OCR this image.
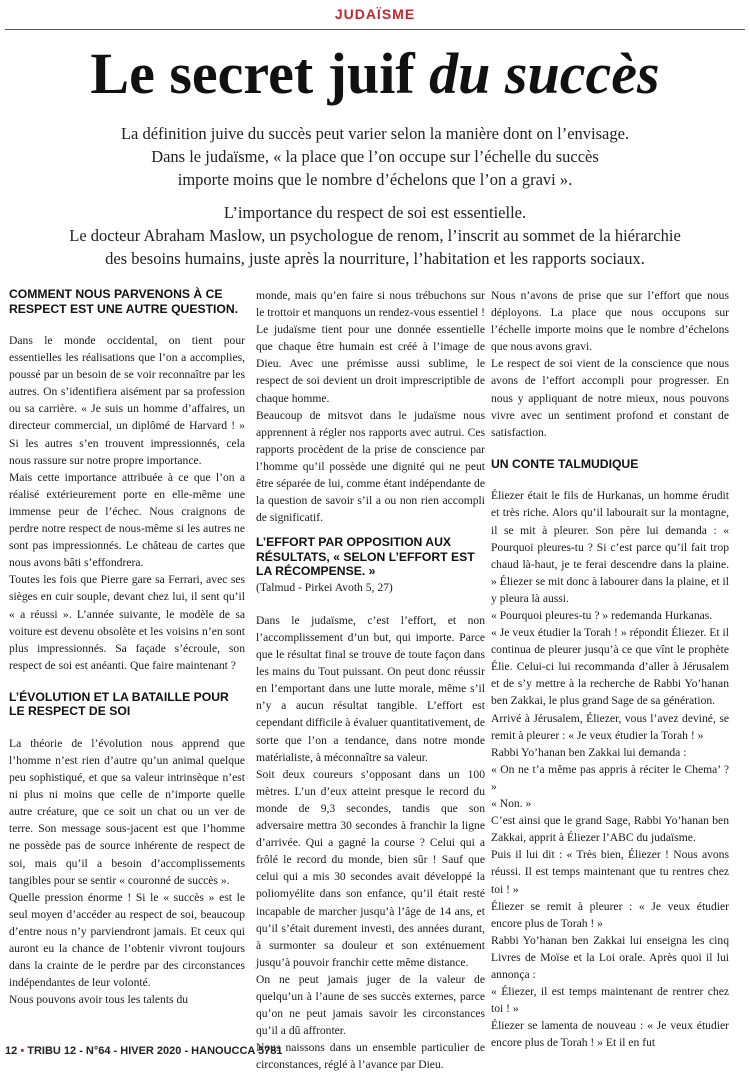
JUDAÏSME
Le secret juif du succès
La définition juive du succès peut varier selon la manière dont on l’envisage.
Dans le judaïsme, « la place que l’on occupe sur l’échelle du succès
importe moins que le nombre d’échelons que l’on a gravi ».
L’importance du respect de soi est essentielle.
Le docteur Abraham Maslow, un psychologue de renom, l’inscrit au sommet de la hiérarchie
des besoins humains, juste après la nourriture, l’habitation et les rapports sociaux.

COMMENT NOUS PARVENONS À CE RESPECT EST UNE AUTRE QUESTION.

Dans le monde occidental, on tient pour essentielles les réalisations que l’on a accomplies, poussé par un besoin de se voir reconnaître par les autres. On s’identifiera aisément par sa profession ou sa carrière. « Je suis un homme d’affaires, un directeur commercial, un diplômé de Harvard ! » Si les autres s’en trouvent impressionnés, cela nous rassure sur notre propre importance.

Mais cette importance attribuée à ce que l’on a réalisé extérieurement porte en elle-même une immense peur de l’échec. Nous craignons de perdre notre respect de nous-même si les autres ne sont pas impressionnés. Le château de cartes que nous avons bâti s’effondrera.

Toutes les fois que Pierre gare sa Ferrari, avec ses sièges en cuir souple, devant chez lui, il sent qu’il « a réussi ». L’année suivante, le modèle de sa voiture est devenu obsolète et les voisins n’en sont plus impressionnés. Sa façade s’écroule, son respect de soi est anéanti. Que faire maintenant ?

L’ÉVOLUTION ET LA BATAILLE POUR LE RESPECT DE SOI

La théorie de l’évolution nous apprend que l’homme n’est rien d’autre qu’un animal quelque peu sophistiqué, et que sa valeur intrinsèque n’est ni plus ni moins que celle de n’importe quelle autre créature, que ce soit un chat ou un ver de terre. Son message sous-jacent est que l’homme ne possède pas de source inhérente de respect de soi, mais qu’il a besoin d’accomplissements tangibles pour se sentir « couronné de succès ».

Quelle pression énorme ! Si le « succès » est le seul moyen d’accéder au respect de soi, beaucoup d’entre nous n’y parviendront jamais. Et ceux qui auront eu la chance de l’obtenir vivront toujours dans la crainte de le perdre par des circonstances indépendantes de leur volonté.

Nous pouvons avoir tous les talents du

monde, mais qu’en faire si nous trébuchons sur le trottoir et manquons un rendez-vous essentiel ! Le judaïsme tient pour une donnée essentielle que chaque être humain est créé à l’image de Dieu. Avec une prémisse aussi sublime, le respect de soi devient un droit imprescriptible de chaque homme.

Beaucoup de mitsvot dans le judaïsme nous apprennent à régler nos rapports avec autrui. Ces rapports procèdent de la prise de conscience par l’homme qu’il possède une dignité qui ne peut être séparée de lui, comme étant indépendante de la question de savoir s’il a ou non rien accompli de significatif.

L’EFFORT PAR OPPOSITION AUX RÉSULTATS, « SELON L’EFFORT EST LA RÉCOMPENSE. »

(Talmud - Pirkei Avoth 5, 27)

Dans le judaïsme, c’est l’effort, et non l’accomplissement d’un but, qui importe. Parce que le résultat final se trouve de toute façon dans les mains du Tout puissant. On peut donc réussir en l’emportant dans une lutte morale, même s’il n’y a aucun résultat tangible. L’effort est cependant difficile à évaluer quantitativement, de sorte que l’on a tendance, dans notre monde matérialiste, à méconnaître sa valeur.

Soit deux coureurs s’opposant dans un 100 mètres. L’un d’eux atteint presque le record du monde de 9,3 secondes, tandis que son adversaire mettra 30 secondes à franchir la ligne d’arrivée. Qui a gagné la course ? Celui qui a frôlé le record du monde, bien sûr ! Sauf que celui qui a mis 30 secondes avait développé la poliomyélite dans son enfance, qu’il était resté incapable de marcher jusqu’à l’âge de 14 ans, et qu’il s’était durement investi, des années durant, à surmonter sa douleur et son exténuement jusqu’à pouvoir franchir cette même distance.

On ne peut jamais juger de la valeur de quelqu’un à l’aune de ses succès externes, parce qu’on ne peut jamais savoir les circonstances qu’il a dû affronter.

Nous naissons dans un ensemble particulier de circonstances, réglé à l’avance par Dieu.

Nous n’avons de prise que sur l’effort que nous déployons. La place que nous occupons sur l’échelle importe moins que le nombre d’échelons que nous avons gravi.

Le respect de soi vient de la conscience que nous avons de l’effort accompli pour progresser. En nous y appliquant de notre mieux, nous pouvons vivre avec un sentiment profond et constant de satisfaction.

UN CONTE TALMUDIQUE

Éliezer était le fils de Hurkanas, un homme érudit et très riche. Alors qu’il labourait sur la montagne, il se mit à pleurer. Son père lui demanda : « Pourquoi pleures-tu ? Si c’est parce qu’il fait trop chaud là-haut, je te ferai descendre dans la plaine. » Éliezer se mit donc à labourer dans la plaine, et il y pleura là aussi.

« Pourquoi pleures-tu ? » redemanda Hurkanas.

« Je veux étudier la Torah ! » répondit Éliezer. Et il continua de pleurer jusqu’à ce que vînt le prophète Élie. Celui-ci lui recommanda d’aller à Jérusalem et de s’y mettre à la recherche de Rabbi Yo’hanan ben Zakkai, le plus grand Sage de sa génération.

Arrivé à Jérusalem, Éliezer, vous l’avez deviné, se remit à pleurer : « Je veux étudier la Torah ! »

Rabbi Yo’hanan ben Zakkai lui demanda :

« On ne t’a même pas appris à réciter le Chema’ ? »

« Non. »

C’est ainsi que le grand Sage, Rabbi Yo’hanan ben Zakkai, apprit à Éliezer l’ABC du judaïsme.

Puis il lui dit : « Très bien, Éliezer ! Nous avons réussi. Il est temps maintenant que tu rentres chez toi ! »

Éliezer se remit à pleurer : « Je veux étudier encore plus de Torah ! »

Rabbi Yo’hanan ben Zakkai lui enseigna les cinq Livres de Moïse et la Loi orale. Après quoi il lui annonça :

« Éliezer, il est temps maintenant de rentrer chez toi ! »

Éliezer se lamenta de nouveau : « Je veux étudier encore plus de Torah ! » Et il en fut

12 • TRIBU 12 - N°64 - HIVER 2020 - HANOUCCA 5781
